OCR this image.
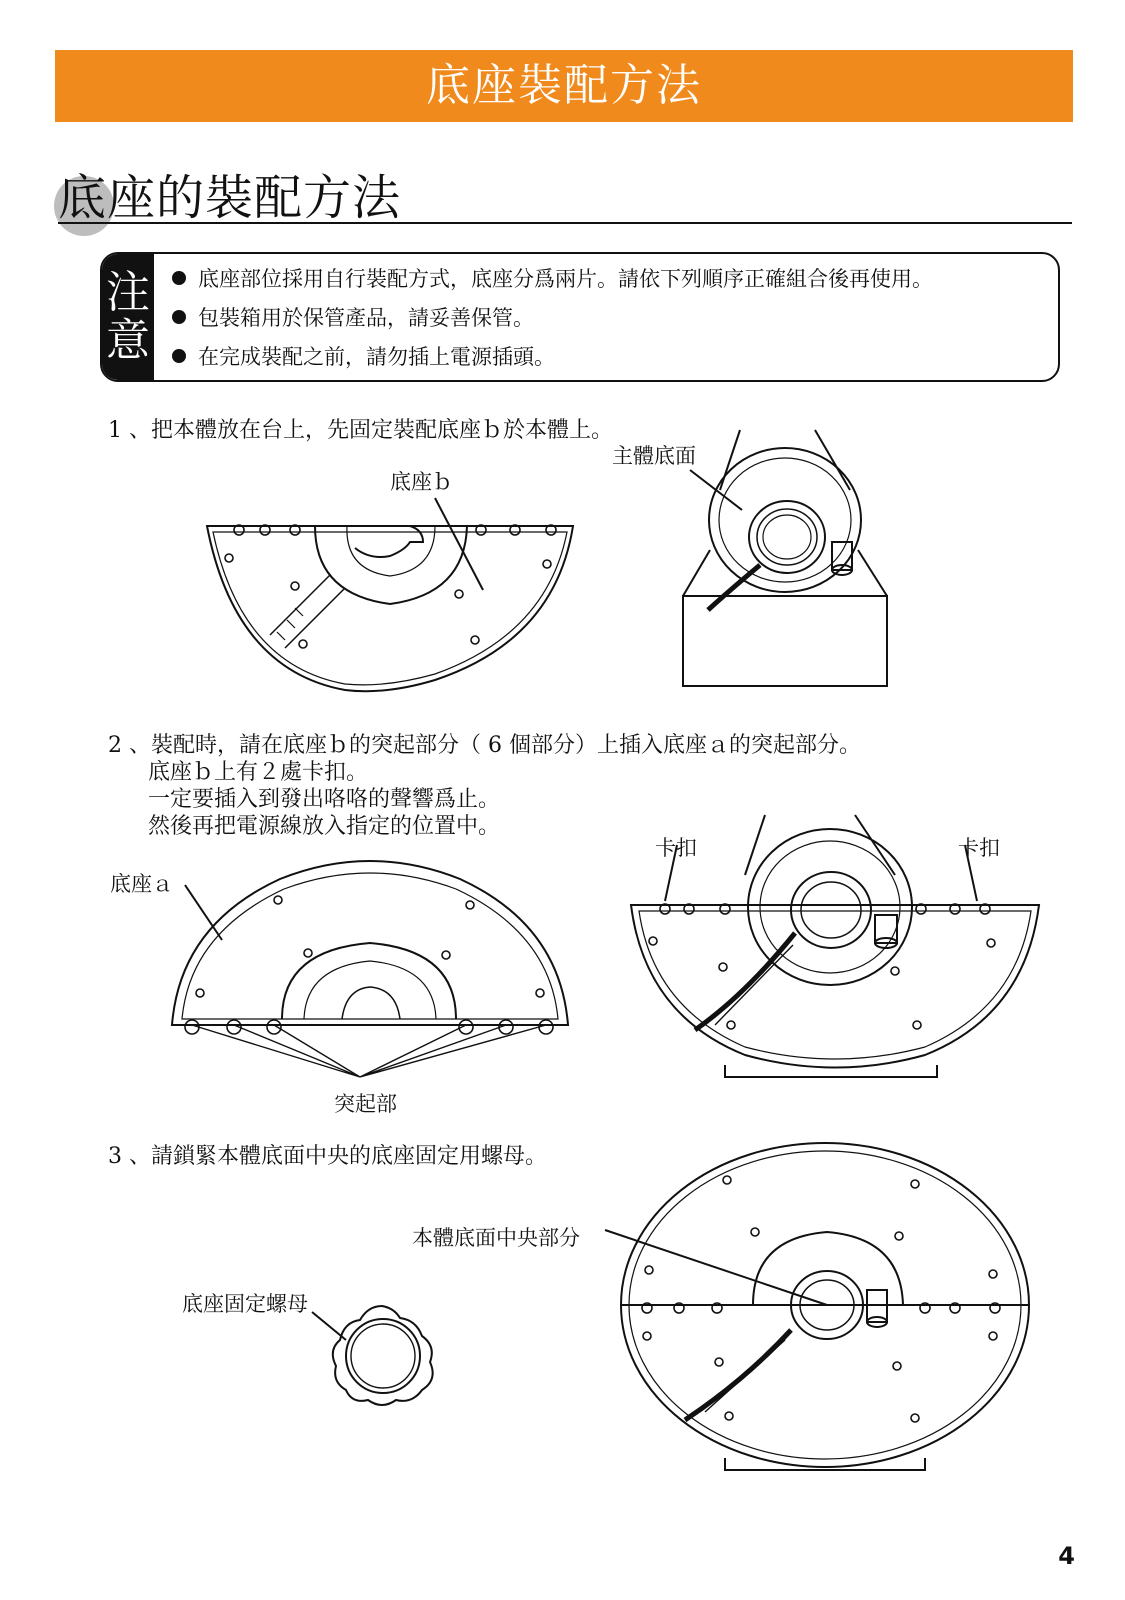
底座裝配方法
底座的裝配方法
注
意
底座部位採用自行裝配方式，底座分爲兩片。請依下列順序正確組合後再使用。
包裝箱用於保管產品，請妥善保管。
在完成裝配之前，請勿插上電源插頭。
1 、把本體放在台上，先固定裝配底座ｂ於本體上。
底座ｂ
主體底面
2 、裝配時，請在底座ｂ的突起部分（ 6 個部分）上插入底座ａ的突起部分。
底座ｂ上有２處卡扣。
一定要插入到發出咯咯的聲響爲止。
然後再把電源線放入指定的位置中。
底座ａ
突起部
卡扣	卡扣
3 、請鎖緊本體底面中央的底座固定用螺母。
本體底面中央部分
底座固定螺母
4
